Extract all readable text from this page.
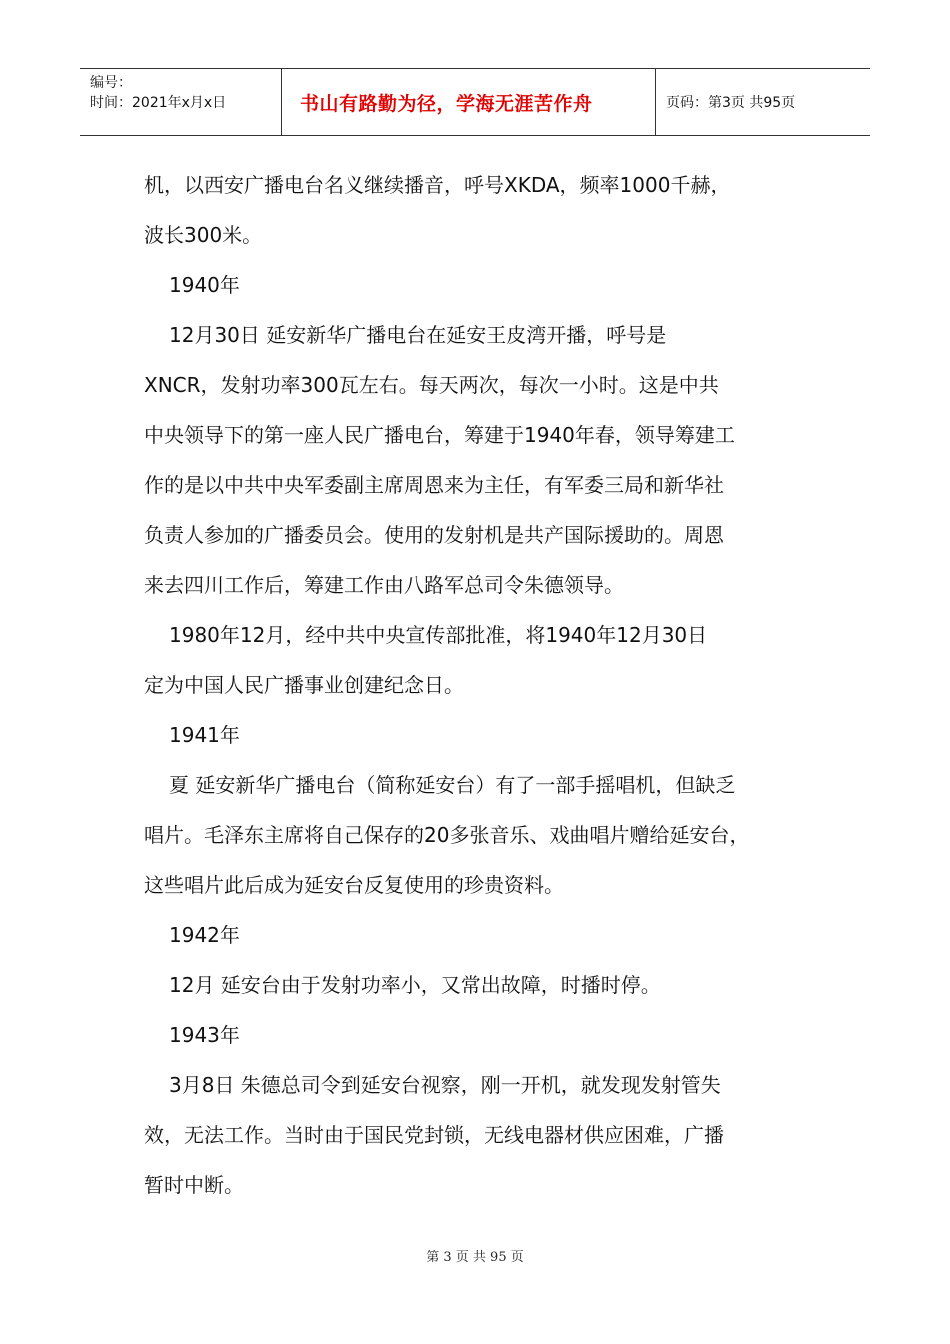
编号：
时间：2021年x月x日	书山有路勤为径，学海无涯苦作舟	页码：第3页 共95页
机，以西安广播电台名义继续播音，呼号XKDA，频率1000千赫，
波长300米。
1940年
12月30日 延安新华广播电台在延安王皮湾开播，呼号是
XNCR，发射功率300瓦左右。每天两次，每次一小时。这是中共
中央领导下的第一座人民广播电台，筹建于1940年春，领导筹建工
作的是以中共中央军委副主席周恩来为主任，有军委三局和新华社
负责人参加的广播委员会。使用的发射机是共产国际援助的。周恩
来去四川工作后，筹建工作由八路军总司令朱德领导。
1980年12月，经中共中央宣传部批准，将1940年12月30日
定为中国人民广播事业创建纪念日。
1941年
夏 延安新华广播电台（简称延安台）有了一部手摇唱机，但缺乏
唱片。毛泽东主席将自己保存的20多张音乐、戏曲唱片赠给延安台，
这些唱片此后成为延安台反复使用的珍贵资料。
1942年
12月 延安台由于发射功率小，又常出故障，时播时停。
1943年
3月8日 朱德总司令到延安台视察，刚一开机，就发现发射管失
效，无法工作。当时由于国民党封锁，无线电器材供应困难，广播
暂时中断。
第 3 页 共 95 页
